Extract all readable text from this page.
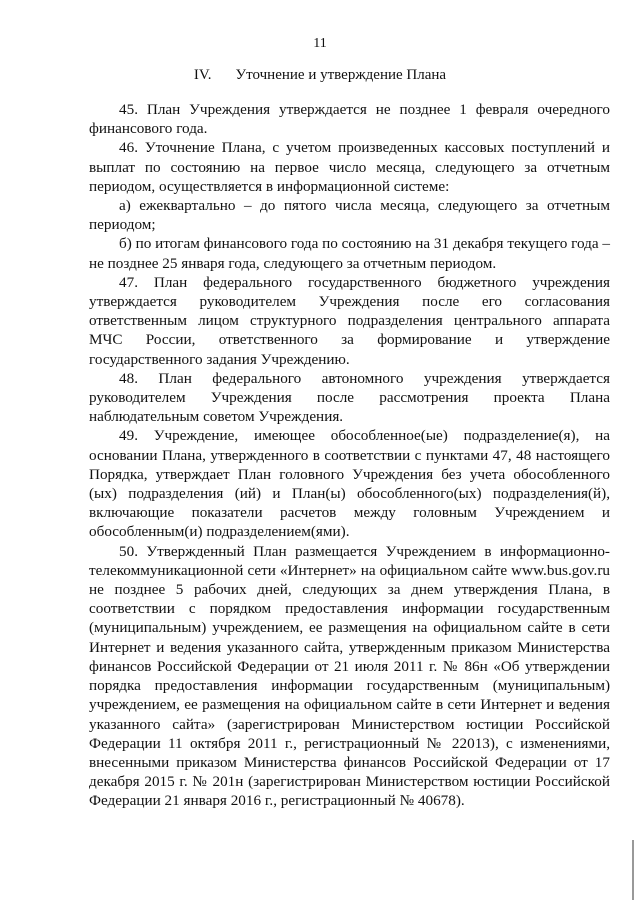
11
IV. Уточнение и утверждение Плана

45. План Учреждения утверждается не позднее 1 февраля очередного финансового года.

46. Уточнение Плана, с учетом произведенных кассовых поступлений и выплат по состоянию на первое число месяца, следующего за отчетным периодом, осуществляется в информационной системе:

а) ежеквартально – до пятого числа месяца, следующего за отчетным периодом;

б) по итогам финансового года по состоянию на 31 декабря текущего года – не позднее 25 января года, следующего за отчетным периодом.

47. План федерального государственного бюджетного учреждения утверждается руководителем Учреждения после его согласования ответственным лицом структурного подразделения центрального аппарата МЧС России, ответственного за формирование и утверждение государственного задания Учреждению.

48. План федерального автономного учреждения утверждается руководителем Учреждения после рассмотрения проекта Плана наблюдательным советом Учреждения.

49. Учреждение, имеющее обособленное(ые) подразделение(я), на основании Плана, утвержденного в соответствии с пунктами 47, 48 настоящего Порядка, утверждает План головного Учреждения без учета обособленного (ых) подразделения (ий) и План(ы) обособленного(ых) подразделения(й), включающие показатели расчетов между головным Учреждением и обособленным(и) подразделением(ями).

50. Утвержденный План размещается Учреждением в информационно-телекоммуникационной сети «Интернет» на официальном сайте www.bus.gov.ru не позднее 5 рабочих дней, следующих за днем утверждения Плана, в соответствии с порядком предоставления информации государственным (муниципальным) учреждением, ее размещения на официальном сайте в сети Интернет и ведения указанного сайта, утвержденным приказом Министерства финансов Российской Федерации от 21 июля 2011 г. № 86н «Об утверждении порядка предоставления информации государственным (муниципальным) учреждением, ее размещения на официальном сайте в сети Интернет и ведения указанного сайта» (зарегистрирован Министерством юстиции Российской Федерации 11 октября 2011 г., регистрационный № 22013), с изменениями, внесенными приказом Министерства финансов Российской Федерации от 17 декабря 2015 г. № 201н (зарегистрирован Министерством юстиции Российской Федерации 21 января 2016 г., регистрационный № 40678).
